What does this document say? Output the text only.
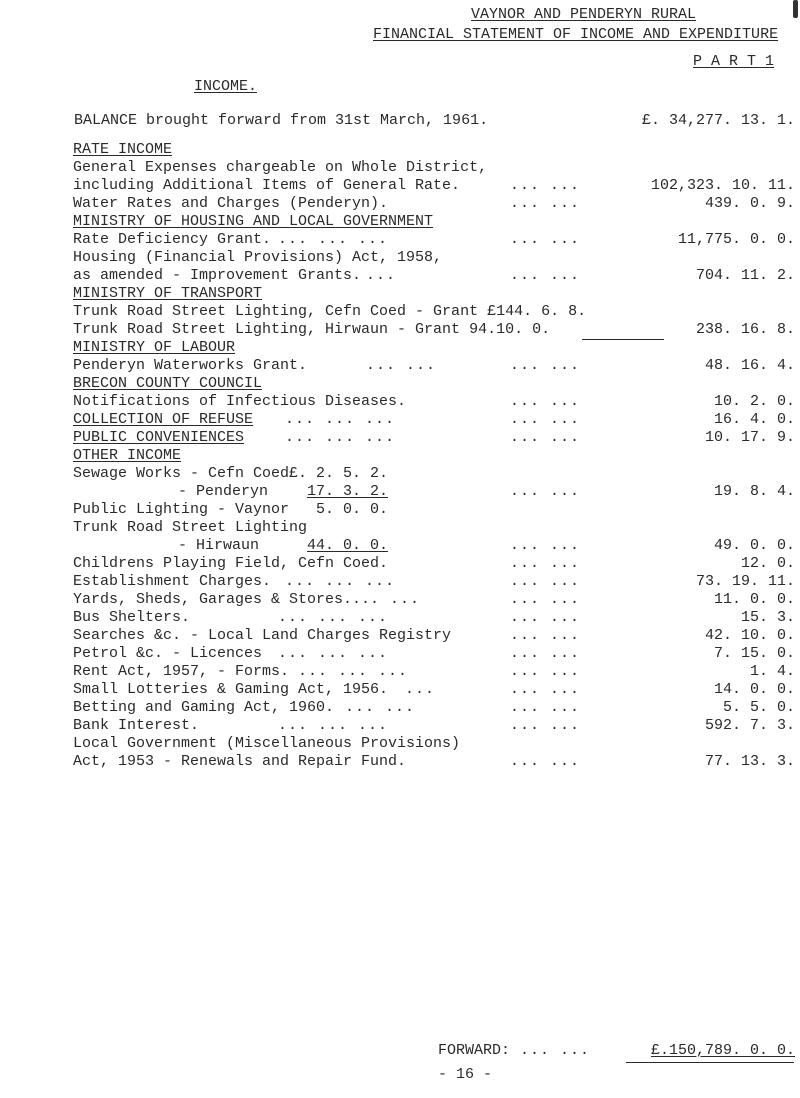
VAYNOR AND PENDERYN RURAL
FINANCIAL STATEMENT OF INCOME AND EXPENDITURE
P A R T 1
INCOME.
BALANCE brought forward from 31st March, 1961.	£. 34,277. 13. 1.
RATE INCOME
General Expenses chargeable on Whole District,
including Additional Items of General Rate.	... ...	102,323. 10. 11.
Water Rates and Charges (Penderyn).	... ...	439. 0. 9.
MINISTRY OF HOUSING AND LOCAL GOVERNMENT
Rate Deficiency Grant. ... ... ...	... ...	11,775. 0. 0.
Housing (Financial Provisions) Act, 1958,
as amended - Improvement Grants. ...	... ...	704. 11. 2.
MINISTRY OF TRANSPORT
Trunk Road Street Lighting, Cefn Coed - Grant £144. 6. 8.
Trunk Road Street Lighting, Hirwaun - Grant 94.10. 0.	238. 16. 8.
MINISTRY OF LABOUR
Penderyn Waterworks Grant.	... ...	... ...	48. 16. 4.
BRECON COUNTY COUNCIL
Notifications of Infectious Diseases.	... ...	10. 2. 0.
COLLECTION OF REFUSE ... ... ...	... ...	16. 4. 0.
PUBLIC CONVENIENCES	... ... ...	... ...	10. 17. 9.
OTHER INCOME
Sewage Works - Cefn Coed £. 2. 5. 2.
- Penderyn	17. 3. 2.	... ...	19. 8. 4.
Public Lighting - Vaynor 5. 0. 0.
Trunk Road Street Lighting
- Hirwaun	44. 0. 0.	... ...	49. 0. 0.
Childrens Playing Field, Cefn Coed.	... ...	12. 0.
Establishment Charges. ... ... ...	... ...	73. 19. 11.
Yards, Sheds, Garages & Stores.... ...	... ...	11. 0. 0.
Bus Shelters.	... ... ...	... ...	15. 3.
Searches &c. - Local Land Charges Registry	... ...	42. 10. 0.
Petrol &c. - Licences ... ... ...	... ...	7. 15. 0.
Rent Act, 1957, - Forms. ... ... ...	... ...	1. 4.
Small Lotteries & Gaming Act, 1956. ...	... ...	14. 0. 0.
Betting and Gaming Act, 1960. ... ...	... ...	5. 5. 0.
Bank Interest.	... ... ...	... ...	592. 7. 3.
Local Government (Miscellaneous Provisions)
Act, 1953 - Renewals and Repair Fund.	... ...	77. 13. 3.
FORWARD: ... ...	£.150,789. 0. 0.
- 16 -
